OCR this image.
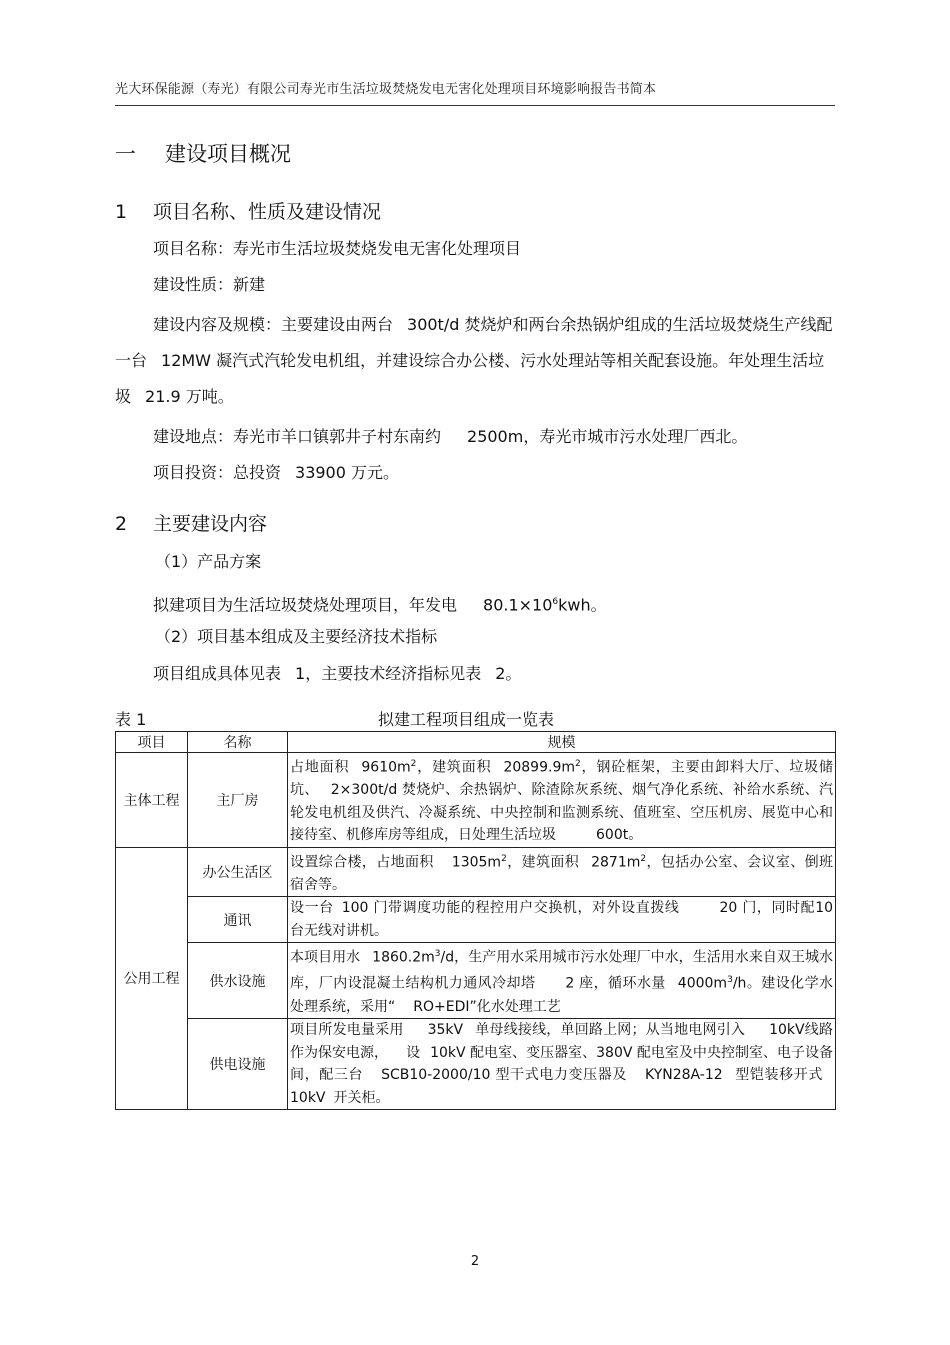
光大环保能源（寿光）有限公司寿光市生活垃圾焚烧发电无害化处理项目环境影响报告书简本
一 建设项目概况
1 项目名称、性质及建设情况

项目名称：寿光市生活垃圾焚烧发电无害化处理项目

建设性质：新建

建设内容及规模：主要建设由两台 300t/d 焚烧炉和两台余热锅炉组成的生活垃圾焚烧生产线配一台 12MW 凝汽式汽轮发电机组，并建设综合办公楼、污水处理站等相关配套设施。年处理生活垃圾 21.9 万吨。

建设地点：寿光市羊口镇郭井子村东南约 2500m，寿光市城市污水处理厂西北。

项目投资：总投资 33900 万元。

2 主要建设内容

（1）产品方案

拟建项目为生活垃圾焚烧处理项目，年发电 $80.1\times 10^6kwh$。

（2）项目基本组成及主要经济技术指标

项目组成具体见表 1，主要技术经济指标见表 2。

表 1	拟建工程项目组成一览表
项目	名称	规模
主体工程	主厂房	占地面积 $9610m^2$，建筑面积 $20899.9m^2$，钢砼框架，主要由卸料大厅、垃圾储坑、 2×300t/d 焚烧炉、余热锅炉、除渣除灰系统、烟气净化系统、补给水系统、汽轮发电机组及供汽、冷凝系统、中央控制和监测系统、值班室、空压机房、展览中心和接待室、机修库房等组成，日处理生活垃圾 600t。
公用工程	办公生活区	设置综合楼，占地面积 $1305m^2$，建筑面积 $2871m^2$，包括办公室、会议室、倒班宿舍等。
	通讯	设一台 100 门带调度功能的程控用户交换机，对外设直拨线 20 门，同时配10 台无线对讲机。
	供水设施	本项目用水 $1860.2m^3/d$，生产用水采用城市污水处理厂中水，生活用水来自双王城水库，厂内设混凝土结构机力通风冷却塔 2 座，循环水量 $4000m^3/h$。建设化学水处理系统，采用“ RO+EDI”化水处理工艺
	供电设施	项目所发电量采用 35kV 单母线接线，单回路上网；从当地电网引入 10kV线路作为保安电源， 设 10kV 配电室、变压器室、380V 配电室及中央控制室、电子设备间，配三台 SCB10-2000/10 型干式电力变压器及 KYN28A-12 型铠装移开式10kV 开关柜。
2
